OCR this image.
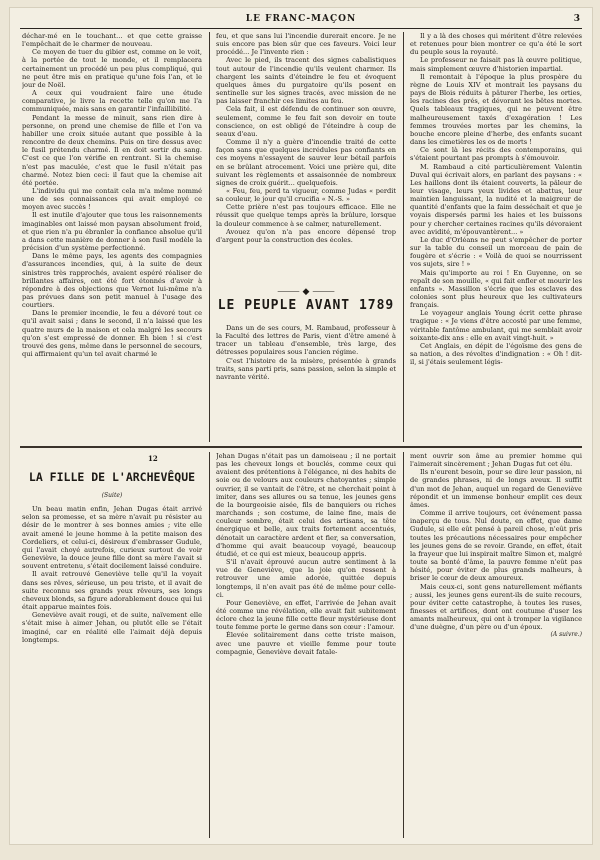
LE FRANC-MAÇON	3

déchar-mé en le touchant... et que cette graisse l'empêchait de le charmer de nouveau.

Ce moyen de tuer du gibier est, comme on le voit, à la portée de tout le monde, et il remplacera certainement un procédé un peu plus compliqué, qui ne peut être mis en pratique qu'une fois l'an, et le jour de Noël.

A ceux qui voudraient faire une étude comparative, je livre la recette telle qu'on me l'a communiquée, mais sans en garantir l'infaillibilité.

Pendant la messe de minuit, sans rien dire à personne, on prend une chemise de fille et l'on va habiller une croix située autant que possible à la rencontre de deux chemins. Puis on tire dessus avec le fusil prétendu charmé. Il en doit sortir du sang. C'est ce que l'on vérifie en rentrant. Si la chemise n'est pas maculée, c'est que le fusil n'était pas charmé. Notez bien ceci: il faut que la chemise ait été portée.

L'individu qui me contait cela m'a même nommé une de ses connaissances qui avait employé ce moyen avec succès !

Il est inutile d'ajouter que tous les raisonnements imaginables ont laissé mon paysan absolument froid, et que rien n'a pu ébranler la confiance absolue qu'il a dans cette manière de donner à son fusil modèle la précision d'un système perfectionné.

Dans le même pays, les agents des compagnies d'assurances incendies, qui, à la suite de deux sinistres très rapprochés, avaient espéré réaliser de brillantes affaires, ont été fort étonnés d'avoir à répondre à des objections que Vernot lui-même n'a pas prévues dans son petit manuel à l'usage des courtiers.

Dans le premier incendie, le feu a dévoré tout ce qu'il avait saisi ; dans le second, il n'a laissé que les quatre murs de la maison et cela malgré les secours qu'on s'est empressé de donner. Eh bien ! si c'est trouvé des gens, même dans le personnel de secours, qui affirmaient qu'un tel avait charmé le

feu, et que sans lui l'incendie durerait encore. Je ne suis encore pas bien sûr que ces faveurs. Voici leur procédé... Je l'invente rien :

Avec le pied, ils tracent des signes cabalistiques tout autour de l'incendie qu'ils veulent charmer. Ils chargent les saints d'éteindre le feu et évoquent quelques âmes du purgatoire qu'ils posent en sentinelle sur les signes tracés, avec mission de ne pas laisser franchir ces limites au feu.

Cela fait, il est défendu de continuer son œuvre, seulement, comme le feu fait son devoir en toute conscience, on est obligé de l'éteindre à coup de seaux d'eau.

Comme il n'y a guère d'incendie traité de cette façon sans que quelques incrédules pas confiants en ces moyens n'essayent de sauver leur bétail parfois en se brûlant atrocement. Voici une prière qui, dite suivant les règlements et assaisonnée de nombreux signes de croix guérit... quelquefois.

« Feu, feu, perd ta vigueur, comme Judas « perdit sa couleur, le jour qu'il crucifia « N.-S. »

Cette prière n'est pas toujours efficace. Elle ne réussit que quelque temps après la brûlure, lorsque la douleur commence à se calmer, naturellement.

Avouez qu'on n'a pas encore dépensé trop d'argent pour la construction des écoles.

⸻ ◆ ⸻
LE PEUPLE AVANT 1789

Dans un de ses cours, M. Rambaud, professeur à la Faculté des lettres de Paris, vient d'être amené à tracer un tableau d'ensemble, très large, des détresses populaires sous l'ancien régime.

C'est l'histoire de la misère, présentée à grands traits, sans parti pris, sans passion, selon la simple et navrante vérité.

Il y a là des choses qui méritent d'être relevées et retenues pour bien montrer ce qu'a été le sort du peuple sous la royauté.

Le professeur ne faisait pas là œuvre politique, mais simplement œuvre d'historien impartial.

Il remontait à l'époque la plus prospère du règne de Louis XIV et montrait les paysans du pays de Blois réduits à pâturer l'herbe, les orties, les racines des prés, et dévorant les bêtes mortes. Quels tableaux tragiques, qui ne peuvent être malheureusement taxés d'exagération ! Les femmes trouvées mortes par les chemins, la bouche encore pleine d'herbe, des enfants sucant dans les cimetières les os de morts !

Ce sont là les récits des contemporains, qui s'étaient pourtant pas prompts à s'émouvoir.

M. Rambaud a cité particulièrement Valentin Duval qui écrivait alors, en parlant des paysans : « Les haillons dont ils étaient couverts, la pâleur de leur visage, leurs yeux livides et abattus, leur maintien languissant, la nudité et la maigreur de quantité d'enfants que la faim desséchait et que je voyais dispersés parmi les haies et les buissons pour y chercher certaines racines qu'ils dévoraient avec avidité, m'épouvantèrent... »

Le duc d'Orléans ne peut s'empêcher de porter sur la table du conseil un morceau de pain de fougère et s'écrie : « Voilà de quoi se nourrissent vos sujets, sire ! »

Mais qu'importe au roi ! En Guyenne, on se repaît de son mouille, « qui fait enfler et mourir les enfants ». Massillon s'écrie que les esclaves des colonies sont plus heureux que les cultivateurs français.

Le voyageur anglais Young écrit cette phrase tragique : « Je viens d'être accosté par une femme, véritable fantôme ambulant, qui me semblait avoir soixante-dix ans : elle en avait vingt-huit. »

Cet Anglais, en dépit de l'égoïsme des gens de sa nation, a des révoltes d'indignation : « Oh ! dit-il, si j'étais seulement légis-

12
LA FILLE DE L'ARCHEVÊQUE
(Suite)

Un beau matin enfin, Jehan Dugas était arrivé selon sa promesse, et sa mère n'avait pu résister au désir de le montrer à ses bonnes amies ; vite elle avait amené le jeune homme à la petite maison des Cordeliers, et celui-ci, désireux d'embrasser Gudule, qui l'avait choyé autrefois, curieux surtout de voir Geneviève, la douce jeune fille dont sa mère l'avait si souvent entretenu, s'était docilement laissé conduire.

Il avait retrouvé Geneviève telle qu'il la voyait dans ses rêves, sérieuse, un peu triste, et il avait de suite reconnu ses grands yeux rêveurs, ses longs cheveux blonds, sa figure adorablement douce qui lui était apparue maintes fois.

Geneviève avait rougi, et de suite, naïvement elle s'était mise à aimer Jehan, ou plutôt elle se l'était imaginé, car en réalité elle l'aimait déjà depuis longtemps.

Jehan Dugas n'était pas un damoiseau ; il ne portait pas les cheveux longs et bouclés, comme ceux qui avaient des prétentions à l'élégance, ni des habits de soie ou de velours aux couleurs chatoyantes ; simple ouvrier, il se vantait de l'être, et ne cherchait point à imiter, dans ses allures ou sa tenue, les jeunes gens de la bourgeoisie aisée, fils de banquiers ou riches marchands ; son costume, de laine fine, mais de couleur sombre, était celui des artisans, sa tête énergique et belle, aux traits fortement accentués, dénotait un caractère ardent et fier, sa conversation, d'homme qui avait beaucoup voyagé, beaucoup étudié, et ce qui est mieux, beaucoup appris.

S'il n'avait éprouvé aucun autre sentiment à la vue de Geneviève, que la joie qu'on ressent à retrouver une amie adorée, quittée depuis longtemps, il n'en avait pas été de même pour celle-ci.

Pour Geneviève, en effet, l'arrivée de Jehan avait été comme une révélation, elle avait fait subitement éclore chez la jeune fille cette fleur mystérieuse dont toute femme porte le germe dans son cœur : l'amour.

Élevée solitairement dans cette triste maison, avec une pauvre et vieille femme pour toute compagnie, Geneviève devait fatale-

ment ouvrir son âme au premier homme qui l'aimerait sincèrement ; Jehan Dugas fut cet élu.

Ils n'eurent besoin, pour se dire leur passion, ni de grandes phrases, ni de longs aveux. Il suffit d'un mot de Jehan, auquel un regard de Geneviève répondit et un immense bonheur emplit ces deux âmes.

Comme il arrive toujours, cet événement passa inaperçu de tous. Nul doute, en effet, que dame Gudule, si elle eût pensé à pareil chose, n'eût pris toutes les précautions nécessaires pour empêcher les jeunes gens de se revoir. Grande, en effet, était la frayeur que lui inspirait maître Simon et, malgré toute sa bonté d'âme, la pauvre femme n'eût pas hésité, pour éviter de plus grands malheurs, à briser le cœur de deux amoureux.

Mais ceux-ci, sont gens naturellement méfiants ; aussi, les jeunes gens eurent-ils de suite recours, pour éviter cette catastrophe, à toutes les ruses, finesses et artifices, dont ont coutume d'user les amants malheureux, qui ont à tromper la vigilance d'une duègne, d'un père ou d'un époux.

(A suivre.)
